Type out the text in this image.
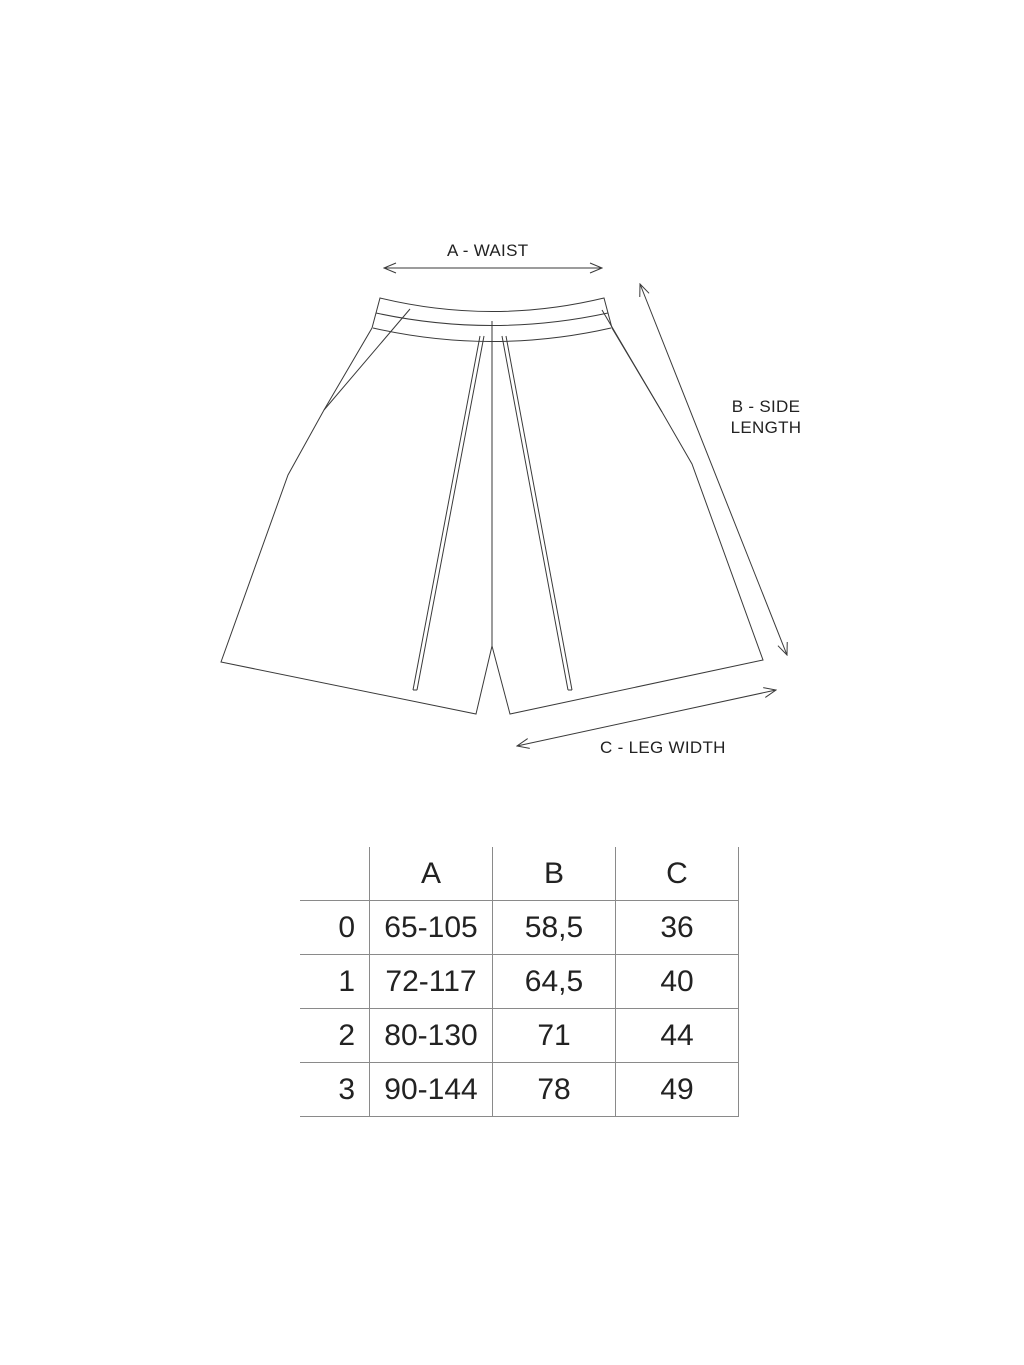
A - WAIST
B - SIDE
LENGTH
C - LEG WIDTH
	A	B	C
0	65-105	58,5	36
1	72-117	64,5	40
2	80-130	71	44
3	90-144	78	49
